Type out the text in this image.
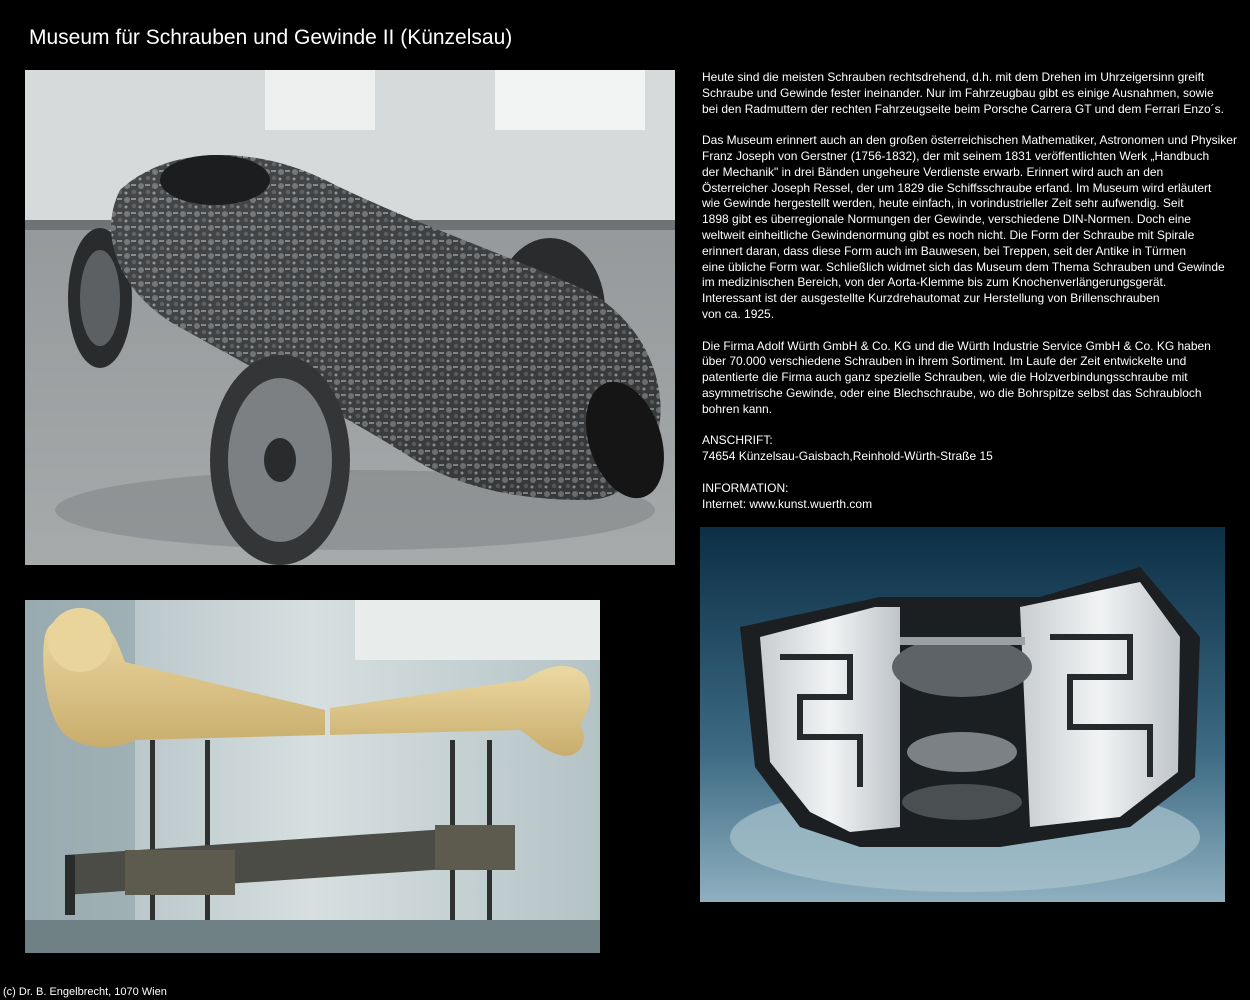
Museum für Schrauben und Gewinde II (Künzelsau)

Heute sind die meisten Schrauben rechtsdrehend, d.h. mit dem Drehen im Uhrzeigersinn greift
Schraube und Gewinde fester ineinander. Nur im Fahrzeugbau gibt es einige Ausnahmen, sowie
bei den Radmuttern der rechten Fahrzeugseite beim Porsche Carrera GT und dem Ferrari Enzo´s.

Das Museum erinnert auch an den großen österreichischen Mathematiker, Astronomen und Physiker
Franz Joseph von Gerstner (1756-1832), der mit seinem 1831 veröffentlichten Werk „Handbuch
der Mechanik" in drei Bänden ungeheure Verdienste erwarb. Erinnert wird auch an den
Österreicher Joseph Ressel, der um 1829 die Schiffsschraube erfand. Im Museum wird erläutert
wie Gewinde hergestellt werden, heute einfach, in vorindustrieller Zeit sehr aufwendig. Seit
1898 gibt es überregionale Normungen der Gewinde, verschiedene DIN-Normen. Doch eine
weltweit einheitliche Gewindenormung gibt es noch nicht. Die Form der Schraube mit Spirale
erinnert daran, dass diese Form auch im Bauwesen, bei Treppen, seit der Antike in Türmen
eine übliche Form war. Schließlich widmet sich das Museum dem Thema Schrauben und Gewinde
im medizinischen Bereich, von der Aorta-Klemme bis zum Knochenverlängerungsgerät.
Interessant ist der ausgestellte Kurzdrehautomat zur Herstellung von Brillenschrauben
von ca. 1925.

Die Firma Adolf Würth GmbH & Co. KG und die Würth Industrie Service GmbH & Co. KG haben
über 70.000 verschiedene Schrauben in ihrem Sortiment. Im Laufe der Zeit entwickelte und
patentierte die Firma auch ganz spezielle Schrauben, wie die Holzverbindungsschraube mit
asymmetrische Gewinde, oder eine Blechschraube, wo die Bohrspitze selbst das Schraubloch
bohren kann.

ANSCHRIFT:
74654 Künzelsau-Gaisbach,Reinhold-Würth-Straße 15

INFORMATION:
Internet: www.kunst.wuerth.com

(c) Dr. B. Engelbrecht, 1070 Wien
